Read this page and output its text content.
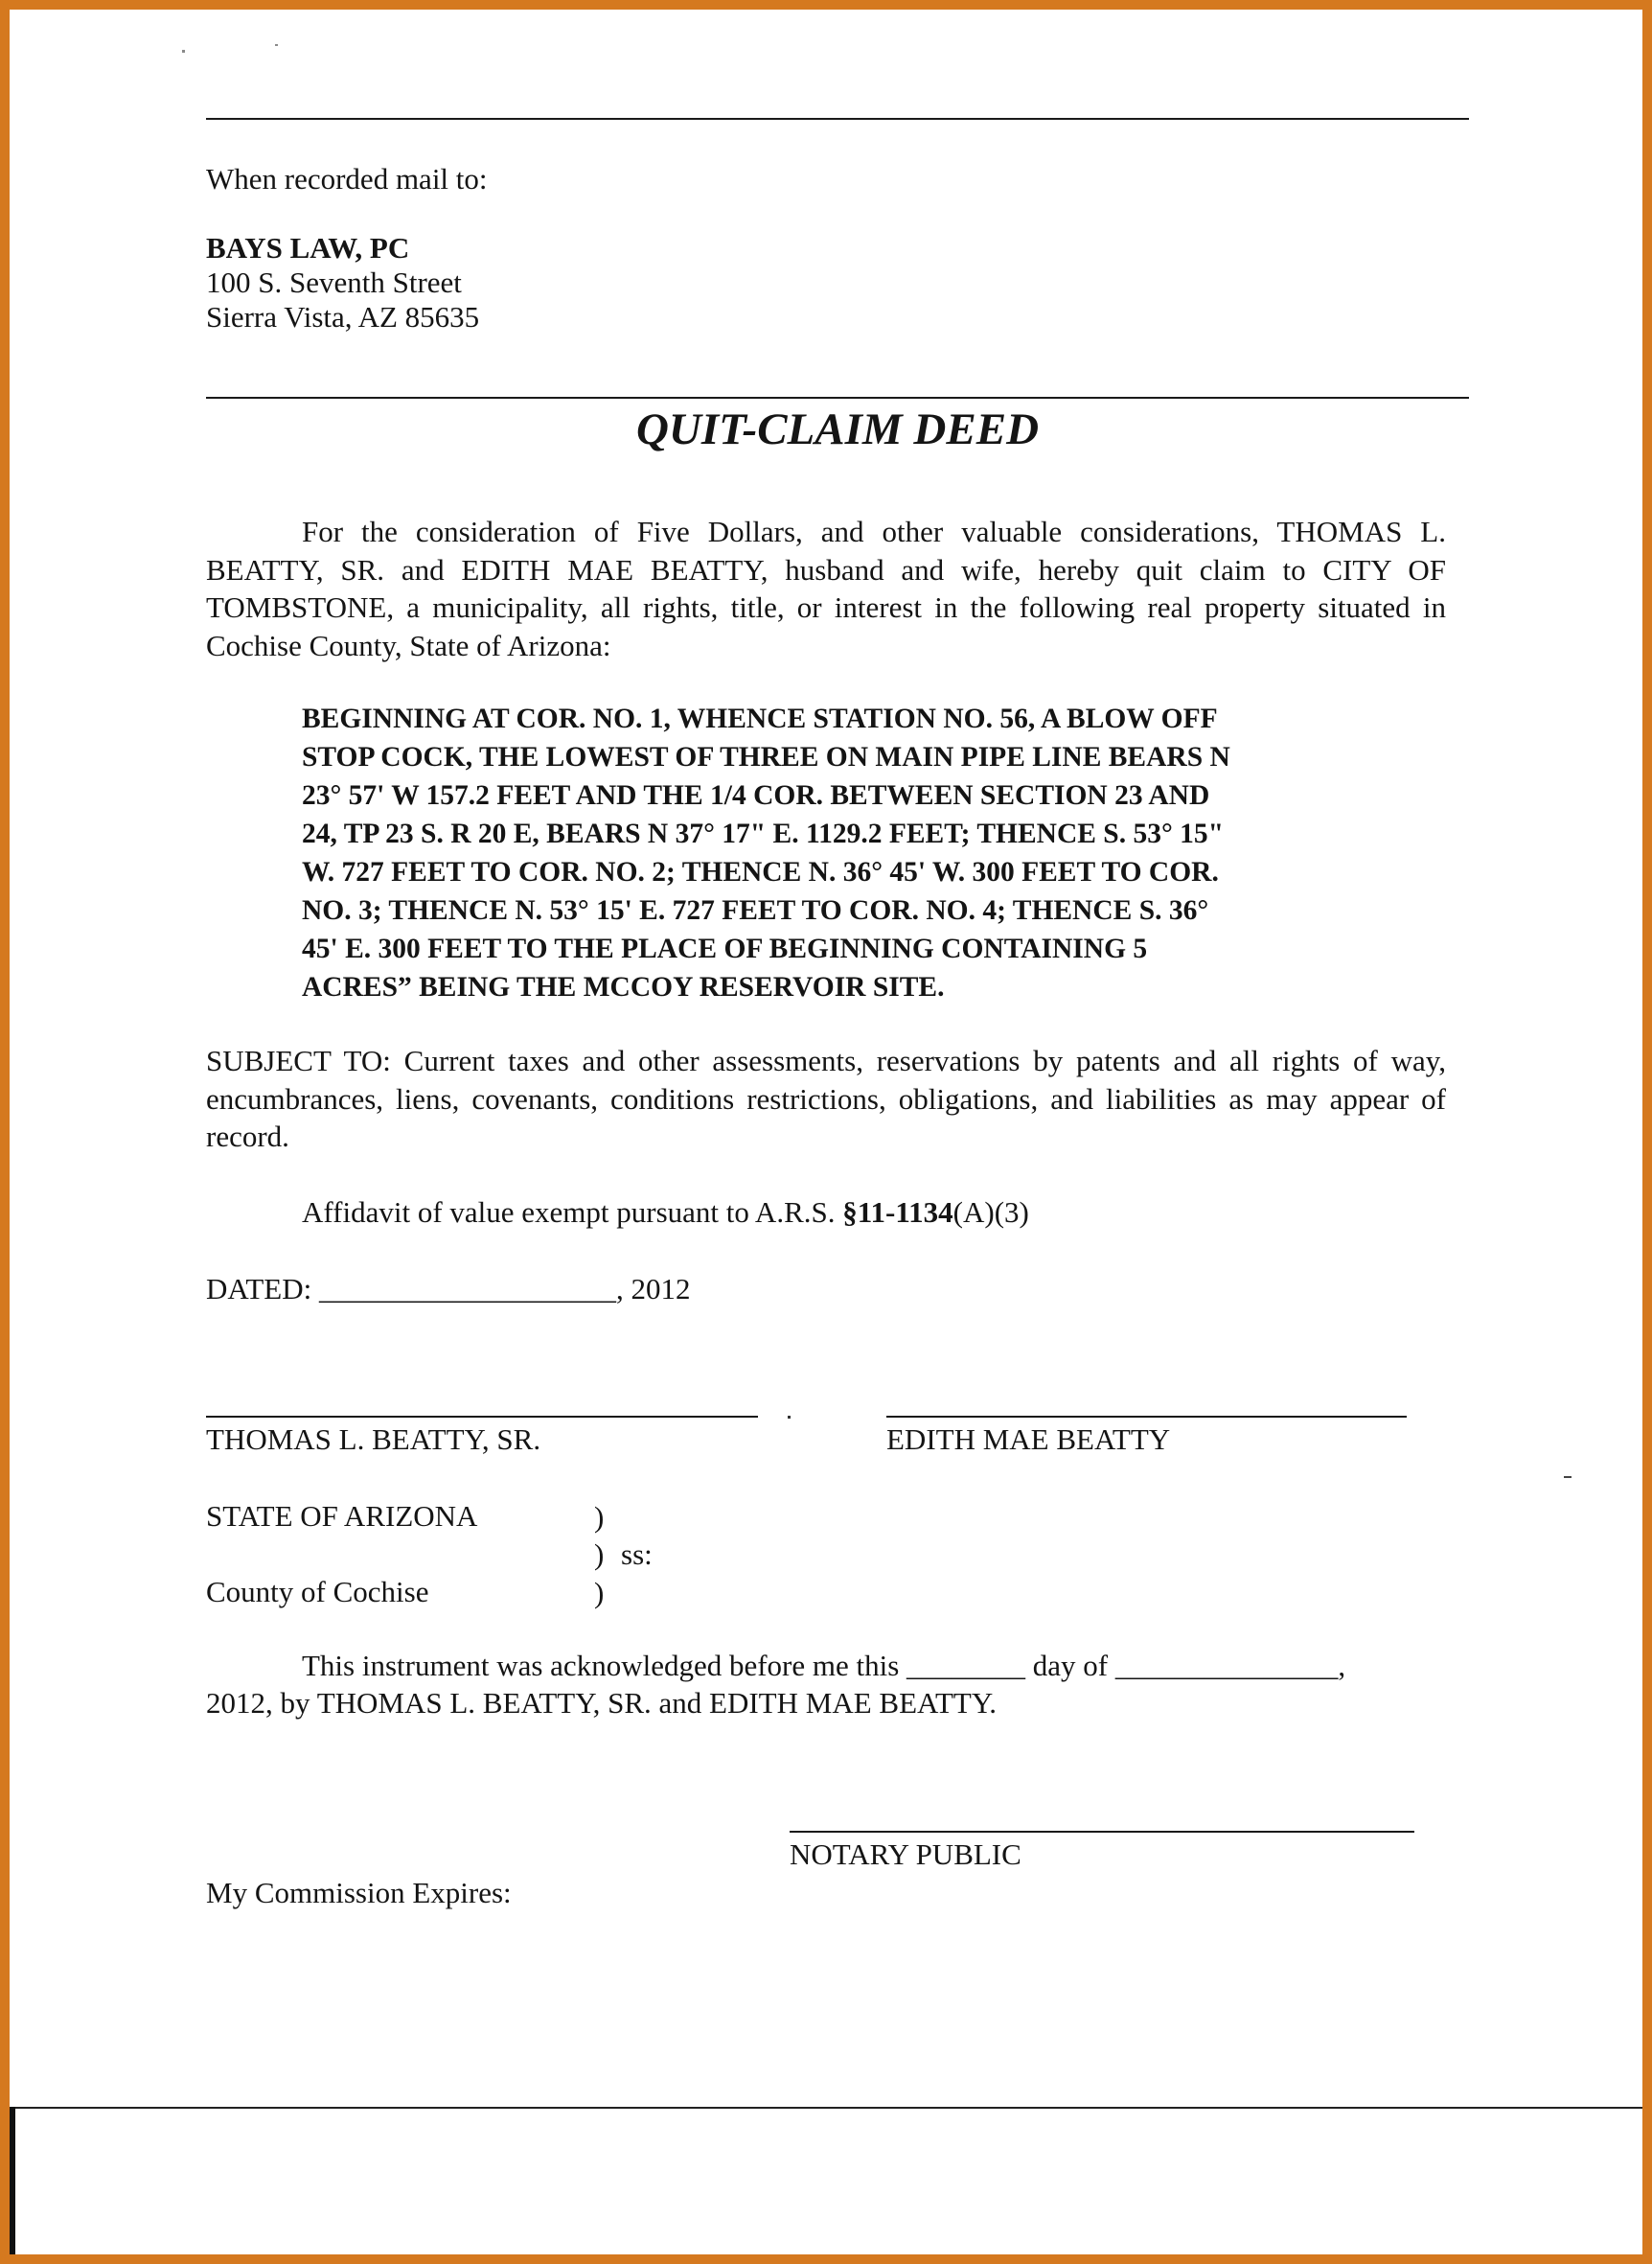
When recorded mail to:
BAYS LAW, PC
100 S. Seventh Street
Sierra Vista, AZ 85635
QUIT-CLAIM DEED
For the consideration of Five Dollars, and other valuable considerations, THOMAS L. BEATTY, SR. and EDITH MAE BEATTY, husband and wife, hereby quit claim to CITY OF TOMBSTONE, a municipality, all rights, title, or interest in the following real property situated in Cochise County, State of Arizona:
BEGINNING AT COR. NO. 1, WHENCE STATION NO. 56, A BLOW OFF
STOP COCK, THE LOWEST OF THREE ON MAIN PIPE LINE BEARS N
23° 57' W 157.2 FEET AND THE 1/4 COR. BETWEEN SECTION 23 AND
24, TP 23 S. R 20 E, BEARS N 37° 17" E. 1129.2 FEET; THENCE S. 53° 15"
W. 727 FEET TO COR. NO. 2; THENCE N. 36° 45' W. 300 FEET TO COR.
NO. 3; THENCE N. 53° 15' E. 727 FEET TO COR. NO. 4; THENCE S. 36°
45' E. 300 FEET TO THE PLACE OF BEGINNING CONTAINING 5
ACRES” BEING THE MCCOY RESERVOIR SITE.
SUBJECT TO: Current taxes and other assessments, reservations by patents and all rights of way, encumbrances, liens, covenants, conditions restrictions, obligations, and liabilities as may appear of record.
Affidavit of value exempt pursuant to A.R.S. §11-1134(A)(3)
DATED: ____________________, 2012
THOMAS L. BEATTY, SR.	EDITH MAE BEATTY
STATE OF ARIZONA	)
) ss:
County of Cochise	)
This instrument was acknowledged before me this ________ day of _______________,
2012, by THOMAS L. BEATTY, SR. and EDITH MAE BEATTY.
NOTARY PUBLIC
My Commission Expires:
